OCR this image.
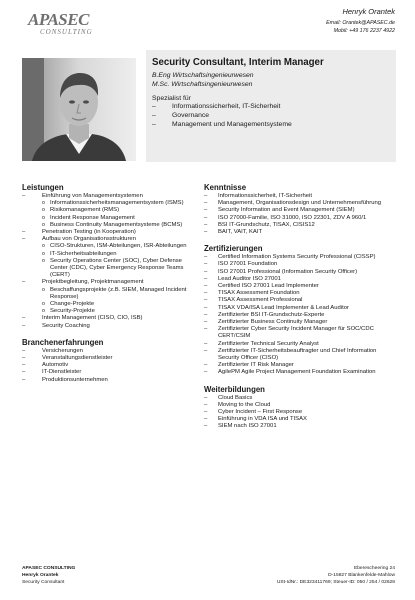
APASEC
CONSULTING
Henryk Orantek
Email: Orantek@APASEC.de
Mobil: +49 176 2237 4922
Security Consultant, Interim Manager
B.Eng Wirtschaftsingenieurwesen
M.Sc. Wirtschaftsingenieurwesen
Spezialist für
– Informationssicherheit, IT-Sicherheit
– Governance
– Management und Managementsysteme
Leistungen
– Einführung von Managementsystemen
o Informationssicherheitsmanagementsystem (ISMS)
o Risikomanagement (RMS)
o Incident Response Management
o Business Continuity Managementsysteme (BCMS)
– Penetration Testing (in Kooperation)
– Aufbau von Organisationsstrukturen
o CISO-Strukturen, ISM-Abteilungen, ISR-Abteilungen
o IT-Sicherheitsabteilungen
o Security Operations Center (SOC), Cyber Defense Center (CDC), Cyber Emergency Response Teams (CERT)
– Projektbegleitung, Projektmanagement
o Beschaffungsprojekte (z.B. SIEM, Managed Incident Response)
o Change-Projekte
o Security-Projekte
– Interim Management (CISO, CIO, ISB)
– Security Coaching
Branchenerfahrungen
– Versicherungen
– Veranstaltungsdienstleister
– Automotiv
– IT-Dienstleister
– Produktionsunternehmen
Kenntnisse
– Informationssicherheit, IT-Sicherheit
– Management, Organisationsdesign und Unternehmensführung
– Security Information and Event Management (SIEM)
– ISO 27000-Familie, ISO 31000, ISO 22301, ZDV A 960/1
– BSI IT-Grundschutz, TISAX, CISIS12
– BAIT, VAIT, KAIT
Zertifizierungen
– Certified Information Systems Security Professional (CISSP)
– ISO 27001 Foundation
– ISO 27001 Professional (Information Security Officer)
– Lead Auditor ISO 27001
– Certified ISO 27001 Lead Implementer
– TISAX Assessment Foundation
– TISAX Assessment Professional
– TISAX VDA/ISA Lead Implementer & Lead Auditor
– Zertifizierter BSI IT-Grundschutz-Experte
– Zertifizierter Business Continuity Manager
– Zertifizierter Cyber Security Incident Manager für SOC/CDC CERT/CSIM
– Zertifizierter Technical Security Analyst
– Zertifizierter IT-Sicherheitsbeauftragter und Chief Information Security Officer (CISO)
– Zertifizierter IT Risk Manager
– AgilePM Agile Project Management Foundation Examination
Weiterbildungen
– Cloud Basics
– Moving to the Cloud
– Cyber Incident – First Response
– Einführung in VDA ISA und TISAX
– SIEM nach ISO 27001
APASEC CONSULTING
Henryk Orantek
Security Consultant
Eberescheering 24
D-15827 Blankenfelde-Mahlow
USt-IdNr.: DE323411769; Steuer-ID: 050 / 254 / 02628
